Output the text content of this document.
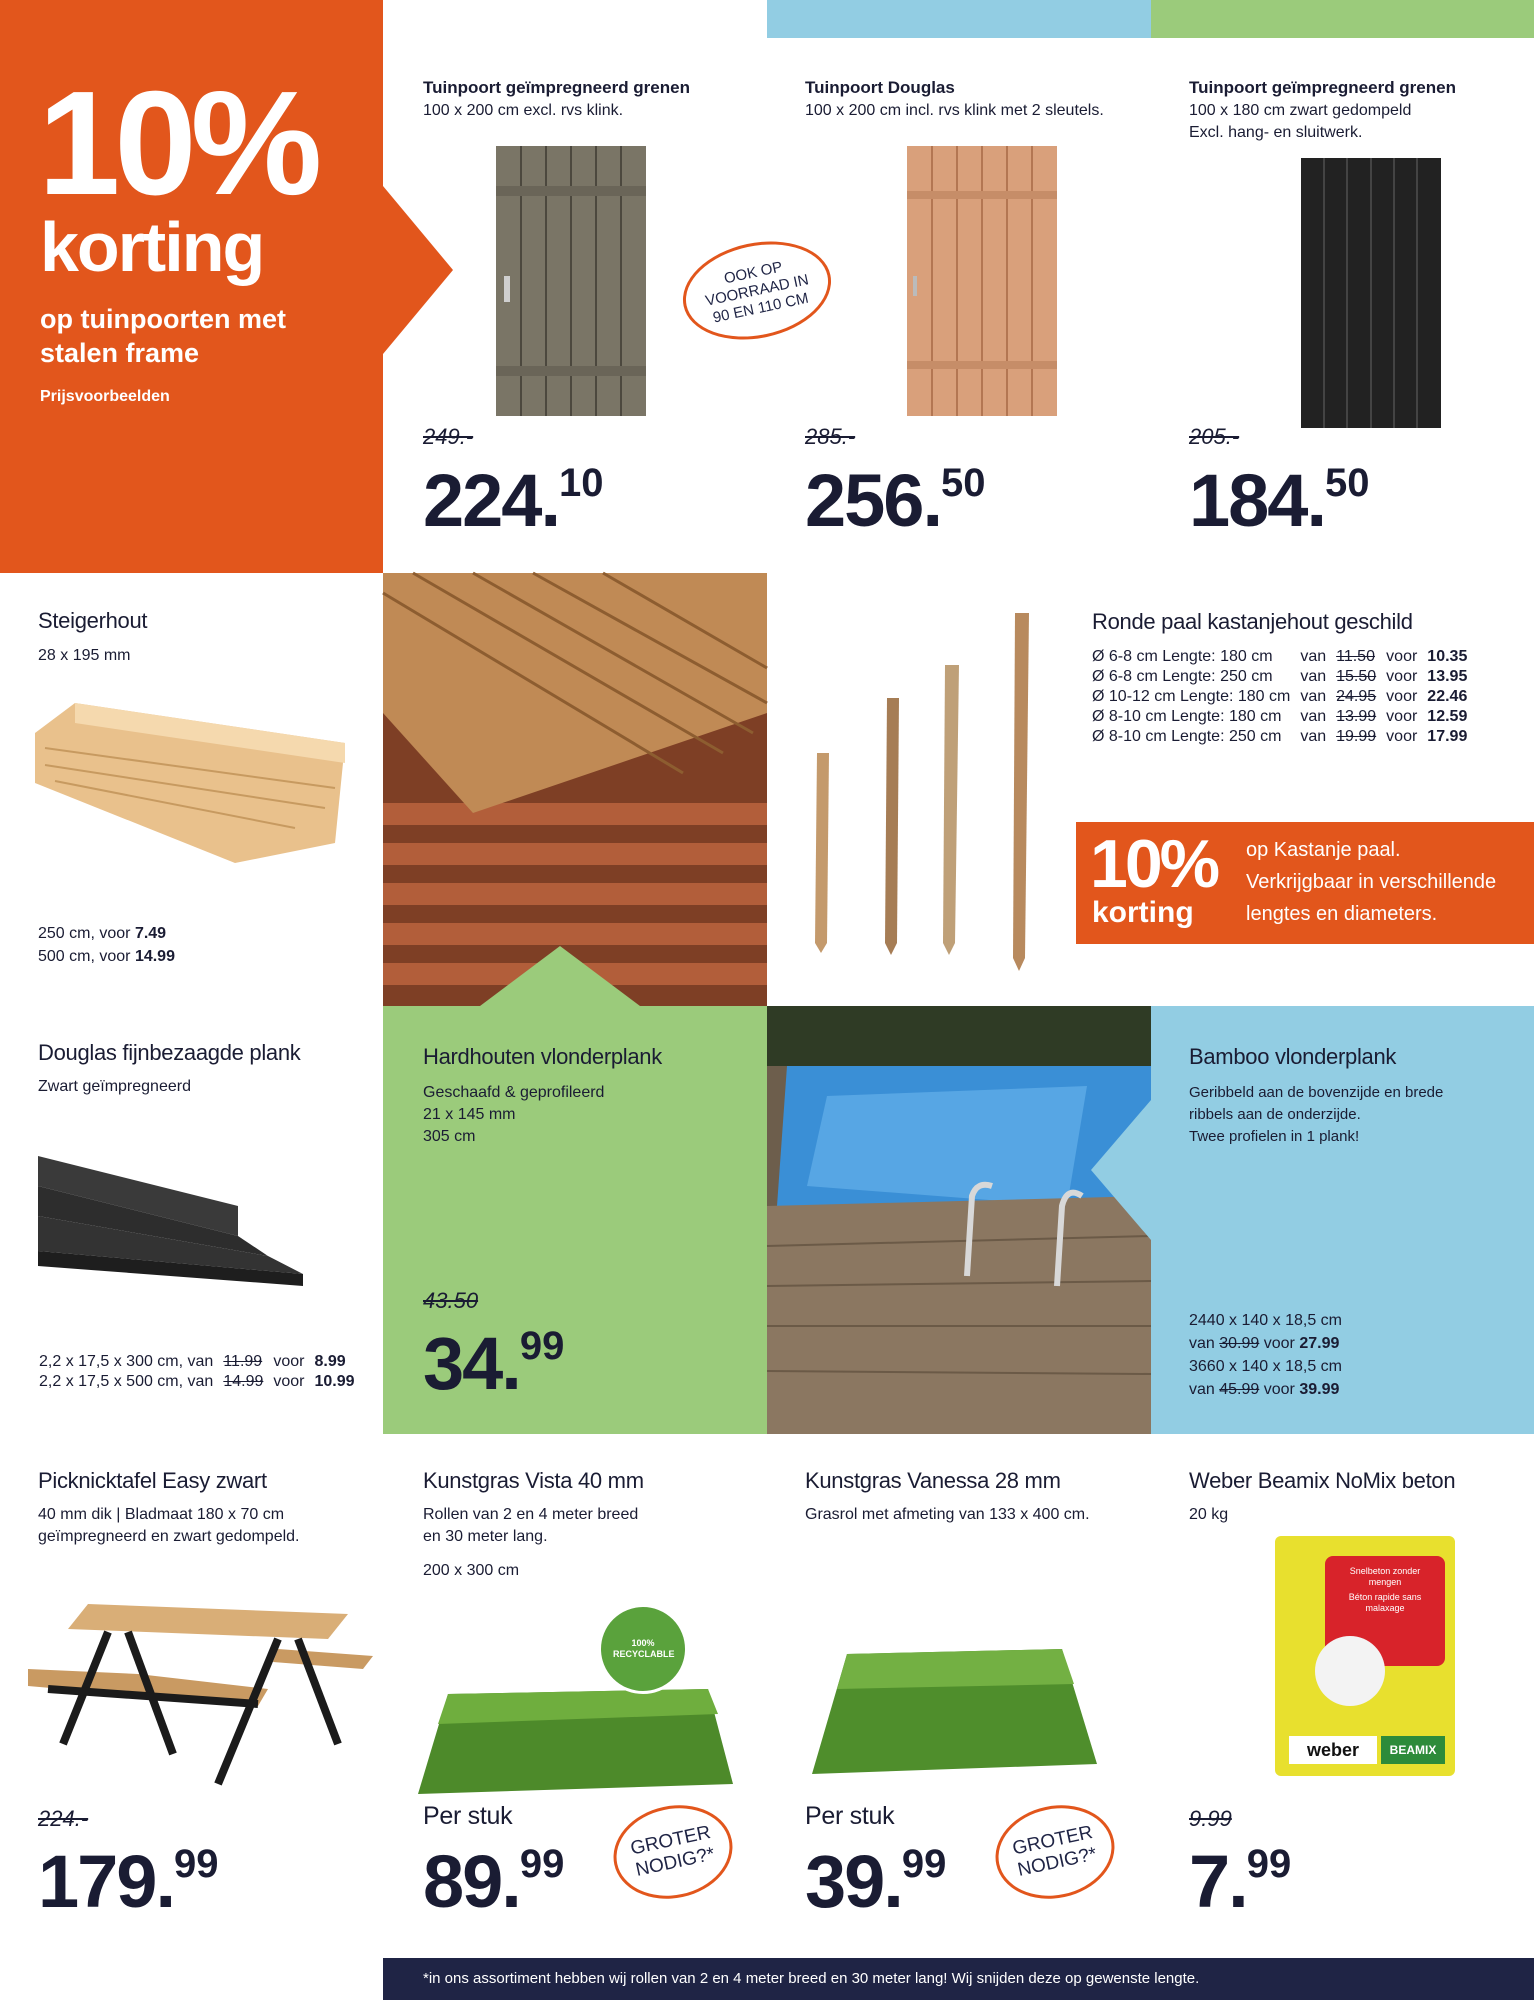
10%
korting
op tuinpoorten met stalen frame
Prijsvoorbeelden
Tuinpoort geïmpregneerd grenen
100 x 200 cm excl. rvs klink.
249.-
224.10
Tuinpoort Douglas
100 x 200 cm incl. rvs klink met 2 sleutels.
OOK OP VOORRAAD IN 90 EN 110 CM
285.-
256.50
Tuinpoort geïmpregneerd grenen
100 x 180 cm zwart gedompeld
Excl. hang- en sluitwerk.
205.-
184.50
Steigerhout
28 x 195 mm
250 cm, voor 7.49
500 cm, voor 14.99
Ronde paal kastanjehout geschild
Ø 6-8 cm Lengte: 180 cm	van	11.50	voor	10.35
Ø 6-8 cm Lengte: 250 cm	van	15.50	voor	13.95
Ø 10-12 cm Lengte: 180 cm	van	24.95	voor	22.46
Ø 8-10 cm Lengte: 180 cm	van	13.99	voor	12.59
Ø 8-10 cm Lengte: 250 cm	van	19.99	voor	17.99
10%
korting
op Kastanje paal.
Verkrijgbaar in verschillende
lengtes en diameters.
Douglas fijnbezaagde plank
Zwart geïmpregneerd
2,2 x 17,5 x 300 cm, van	11.99	voor	8.99
2,2 x 17,5 x 500 cm, van	14.99	voor	10.99
Hardhouten vlonderplank
Geschaafd & geprofileerd
21 x 145 mm
305 cm
43.50
34.99
Bamboo vlonderplank
Geribbeld aan de bovenzijde en brede
ribbels aan de onderzijde.
Twee profielen in 1 plank!
2440 x 140 x 18,5 cm
van 30.99 voor 27.99
3660 x 140 x 18,5 cm
van 45.99 voor 39.99
Picknicktafel Easy zwart
40 mm dik | Bladmaat 180 x 70 cm
geïmpregneerd en zwart gedompeld.
224.-
179.99
Kunstgras Vista 40 mm
Rollen van 2 en 4 meter breed
en 30 meter lang.
200 x 300 cm
100% RECYCLABLE
Per stuk
89.99
GROTER NODIG?*
Kunstgras Vanessa 28 mm
Grasrol met afmeting van 133 x 400 cm.
Per stuk
39.99
GROTER NODIG?*
Weber Beamix NoMix beton
20 kg
Snelbeton zonder mengen
Béton rapide sans malaxage
weber	BEAMIX
9.99
7.99
*in ons assortiment hebben wij rollen van 2 en 4 meter breed en 30 meter lang! Wij snijden deze op gewenste lengte.
